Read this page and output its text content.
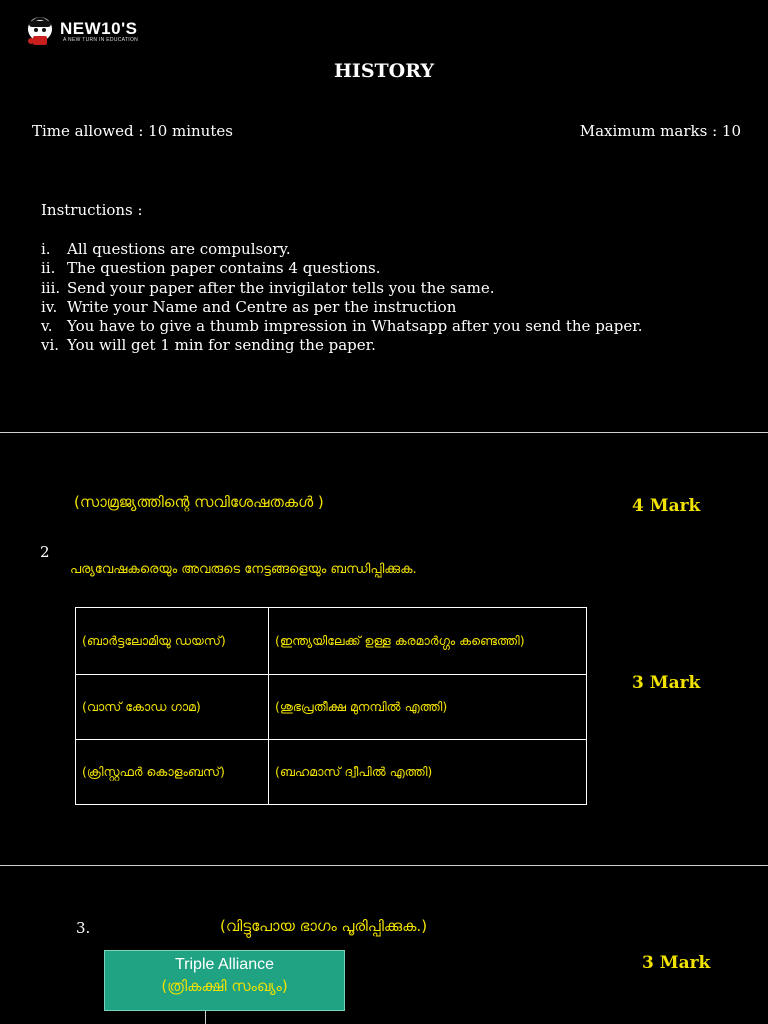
NEW10'S
A NEW TURN IN EDUCATION
HISTORY
Time allowed : 10 minutes	Maximum marks : 10
Instructions :
i.	All questions are compulsory.
ii. The question paper contains 4 questions.
iii. Send your paper after the invigilator tells you the same.
iv. Write your Name and Centre as per the instruction
v. You have to give a thumb impression in Whatsapp after you send the paper.
vi. You will get 1 min for sending the paper.
(സാമ്രജ്യത്തിന്റെ സവിശേഷതകൾ )	4 Mark
2
പര്യവേഷകരെയും അവരുടെ നേട്ടങ്ങളെയും ബന്ധിപ്പിക്കുക.
3 Mark
(ബാർട്ടലോമിയു ഡയസ്)	(ഇന്ത്യയിലേക്ക് ഉള്ള കരമാർഗ്ഗം കണ്ടെത്തി)
(വാസ് കോഡ ഗാമ)	(ശുഭപ്രതീക്ഷ മുനമ്പിൽ എത്തി)
(ക്രിസ്റ്റഫർ കൊളംബസ്)	(ബഹമാസ് ദ്വീപിൽ എത്തി)
3.	(വിട്ടുപോയ ഭാഗം പൂരിപ്പിക്കുക.)
3 Mark
Triple Alliance
(ത്രികക്ഷി സംഖ്യം)
